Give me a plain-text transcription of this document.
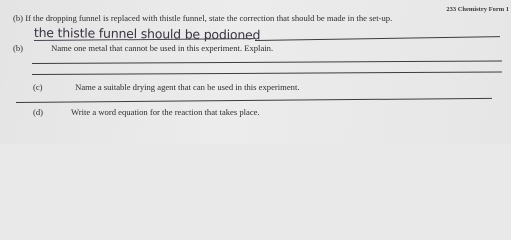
233 Chemistry Form 1
(b) If the dropping funnel is replaced with thistle funnel, state the correction that should be made in the set-up.
the thistle funnel should be podioned
(b)	Name one metal that cannot be used in this experiment. Explain.
(c)	Name a suitable drying agent that can be used in this experiment.
(d)	Write a word equation for the reaction that takes place.
